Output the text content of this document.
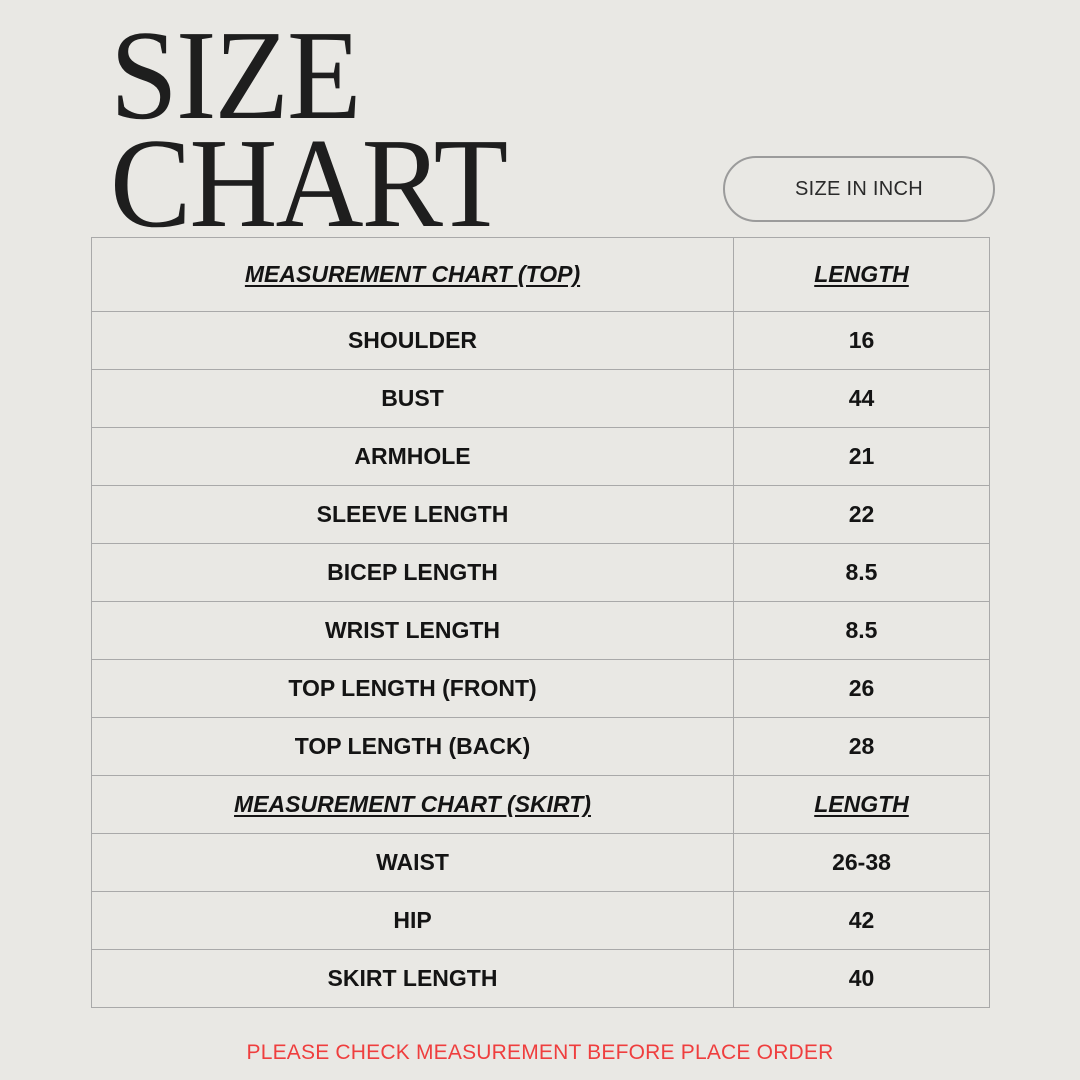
SIZE
CHART	SIZE IN INCH
MEASUREMENT CHART (TOP)	LENGTH
SHOULDER	16
BUST	44
ARMHOLE	21
SLEEVE LENGTH	22
BICEP LENGTH	8.5
WRIST LENGTH	8.5
TOP LENGTH (FRONT)	26
TOP LENGTH (BACK)	28
MEASUREMENT CHART (SKIRT)	LENGTH
WAIST	26-38
HIP	42
SKIRT LENGTH	40
PLEASE CHECK MEASUREMENT BEFORE PLACE ORDER
